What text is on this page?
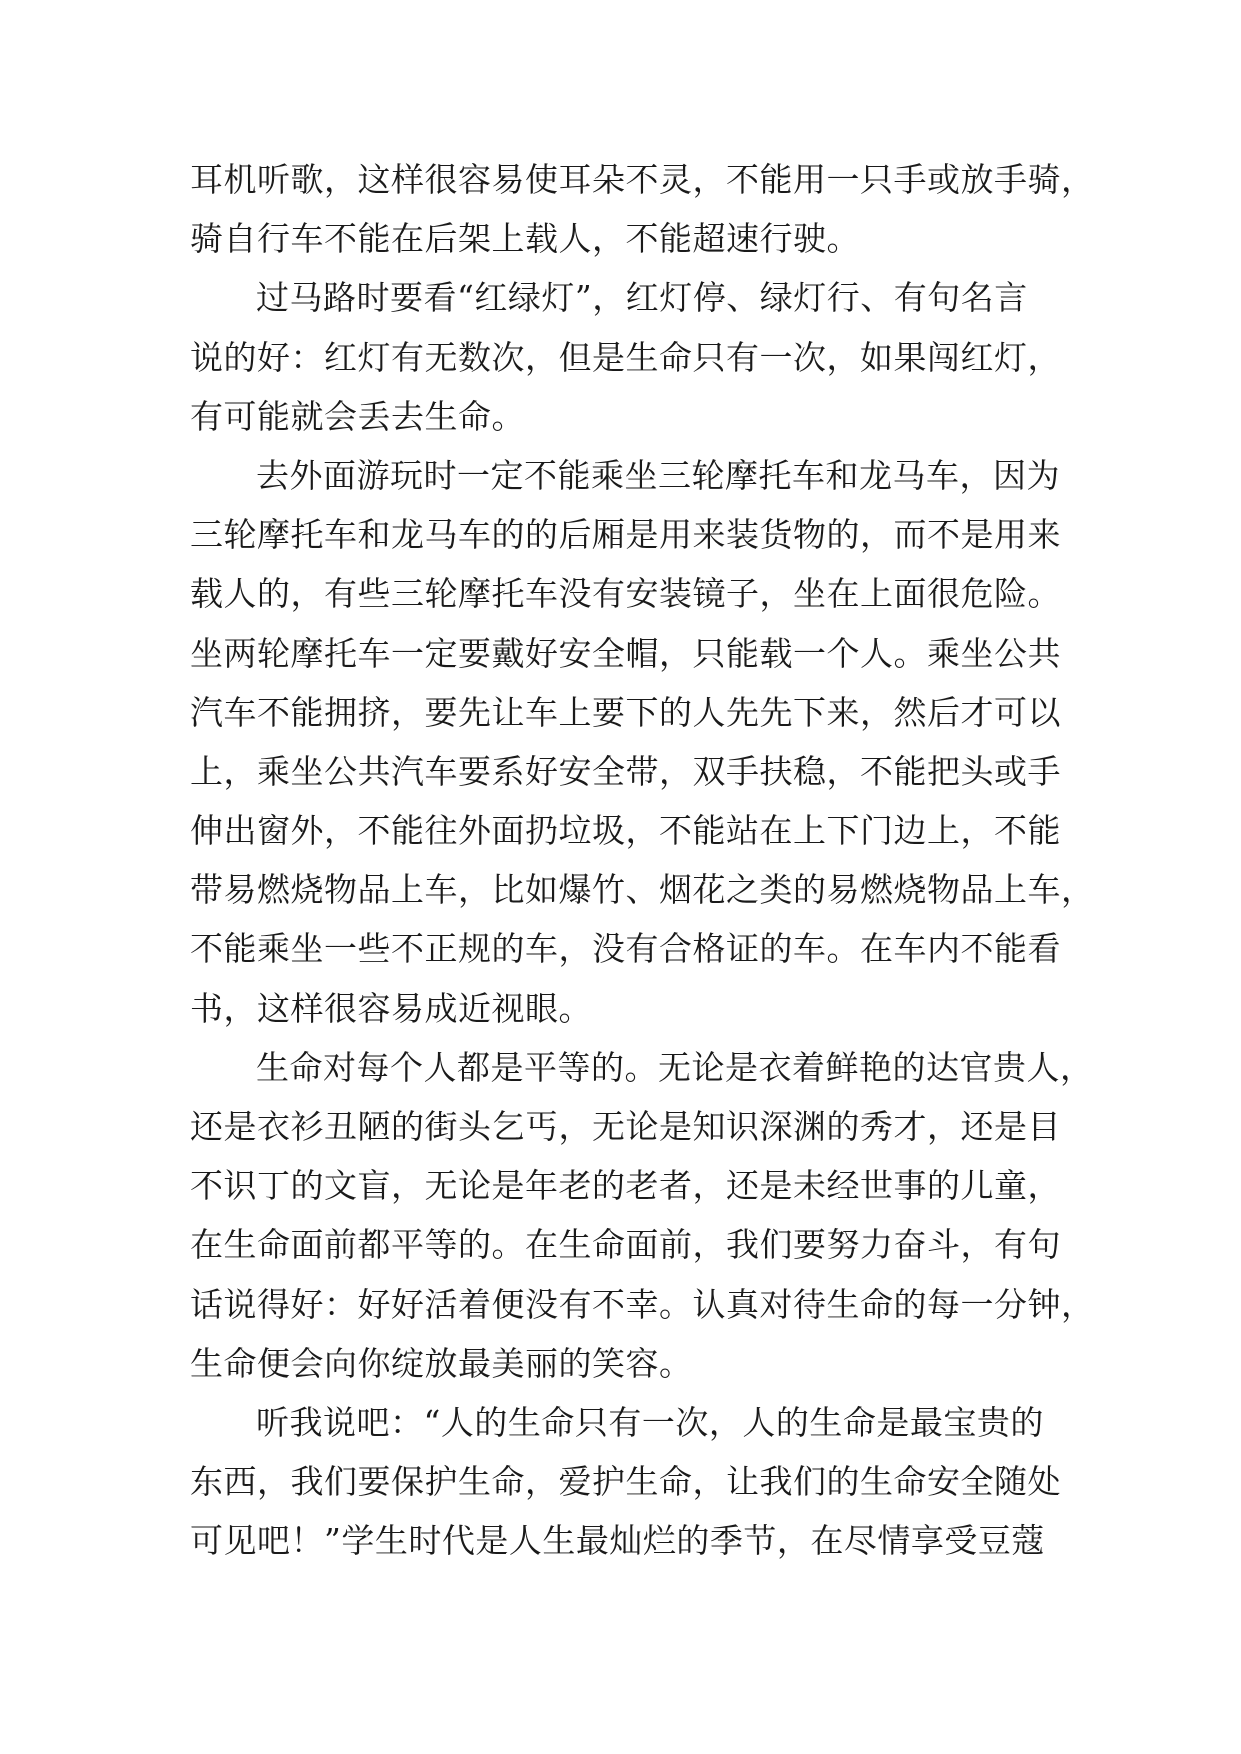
耳机听歌，这样很容易使耳朵不灵，不能用一只手或放手骑，
骑自行车不能在后架上载人，不能超速行驶。

过马路时要看“红绿灯”，红灯停、绿灯行、有句名言
说的好：红灯有无数次，但是生命只有一次，如果闯红灯，
有可能就会丢去生命。

去外面游玩时一定不能乘坐三轮摩托车和龙马车，因为
三轮摩托车和龙马车的的后厢是用来装货物的，而不是用来
载人的，有些三轮摩托车没有安装镜子，坐在上面很危险。
坐两轮摩托车一定要戴好安全帽，只能载一个人。乘坐公共
汽车不能拥挤，要先让车上要下的人先先下来，然后才可以
上，乘坐公共汽车要系好安全带，双手扶稳，不能把头或手
伸出窗外，不能往外面扔垃圾，不能站在上下门边上，不能
带易燃烧物品上车，比如爆竹、烟花之类的易燃烧物品上车，
不能乘坐一些不正规的车，没有合格证的车。在车内不能看
书，这样很容易成近视眼。

生命对每个人都是平等的。无论是衣着鲜艳的达官贵人，
还是衣衫丑陋的街头乞丐，无论是知识深渊的秀才，还是目
不识丁的文盲，无论是年老的老者，还是未经世事的儿童，
在生命面前都平等的。在生命面前，我们要努力奋斗，有句
话说得好：好好活着便没有不幸。认真对待生命的每一分钟，
生命便会向你绽放最美丽的笑容。

听我说吧：“人的生命只有一次，人的生命是最宝贵的
东西，我们要保护生命，爱护生命，让我们的生命安全随处
可见吧！”学生时代是人生最灿烂的季节，在尽情享受豆蔻
